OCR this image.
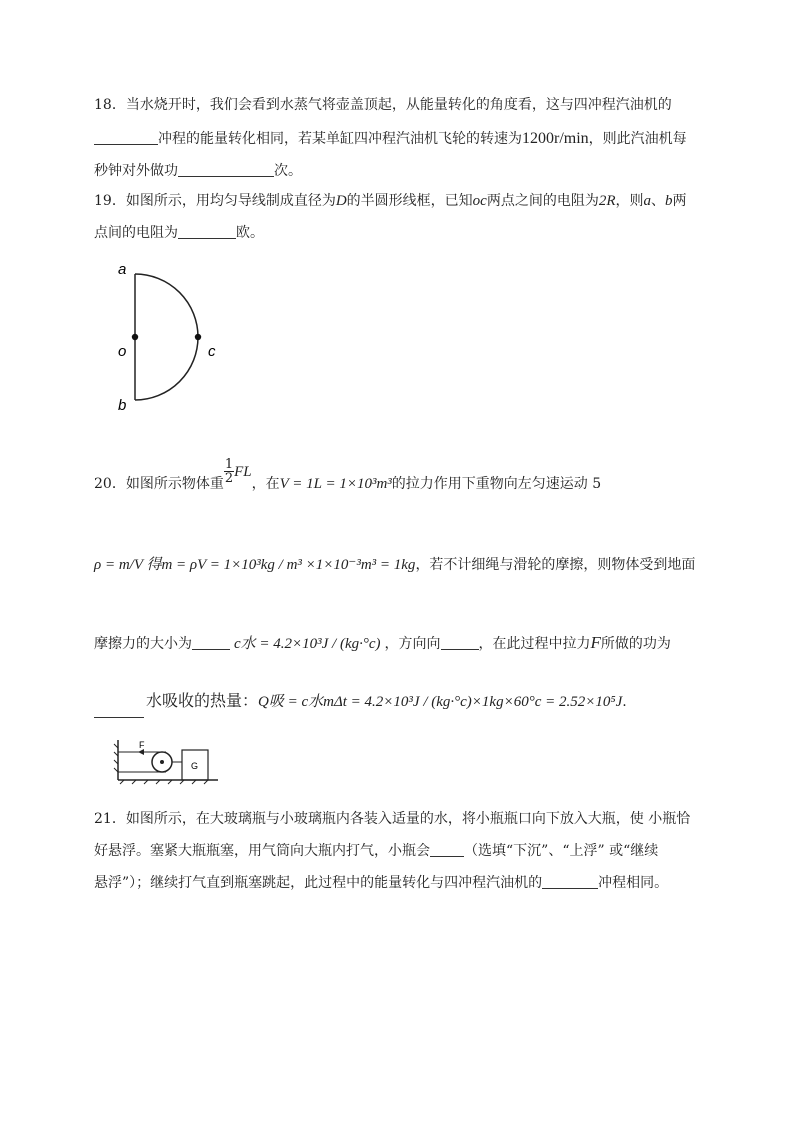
18．当水烧开时，我们会看到水蒸气将壶盖顶起，从能量转化的角度看，这与四冲程汽油机的
冲程的能量转化相同，若某单缸四冲程汽油机飞轮的转速为1200r/min，则此汽油机每
秒钟对外做功	次。
19．如图所示，用均匀导线制成直径为D的半圆形线框，已知oc两点之间的电阻为2R，则a、b两
点间的电阻为	欧。
a
o
b
c
20．如图所示物体重 $\frac{1}{2}$ FL，在V = 1L = 1×10³m³的拉力作用下重物向左匀速运动 5
ρ = m/V 得m = ρV = 1×10³kg / m³ ×1×10⁻³m³ = 1kg，若不计细绳与滑轮的摩擦，则物体受到地面
摩擦力的大小为	c水 = 4.2×10³J / (kg·°c) ，方向向	，在此过程中拉力F所做的功为
水吸收的热量：Q吸 = c水mΔt = 4.2×10³J / (kg·°c)×1kg×60°c = 2.52×10⁵J.
F
G
21．如图所示，在大玻璃瓶与小玻璃瓶内各装入适量的水，将小瓶瓶口向下放入大瓶，使 小瓶恰
好悬浮。塞紧大瓶瓶塞，用气筒向大瓶内打气，小瓶会 （选填“下沉”、“上浮” 或“继续
悬浮”）；继续打气直到瓶塞跳起，此过程中的能量转化与四冲程汽油机的	冲程相同。
